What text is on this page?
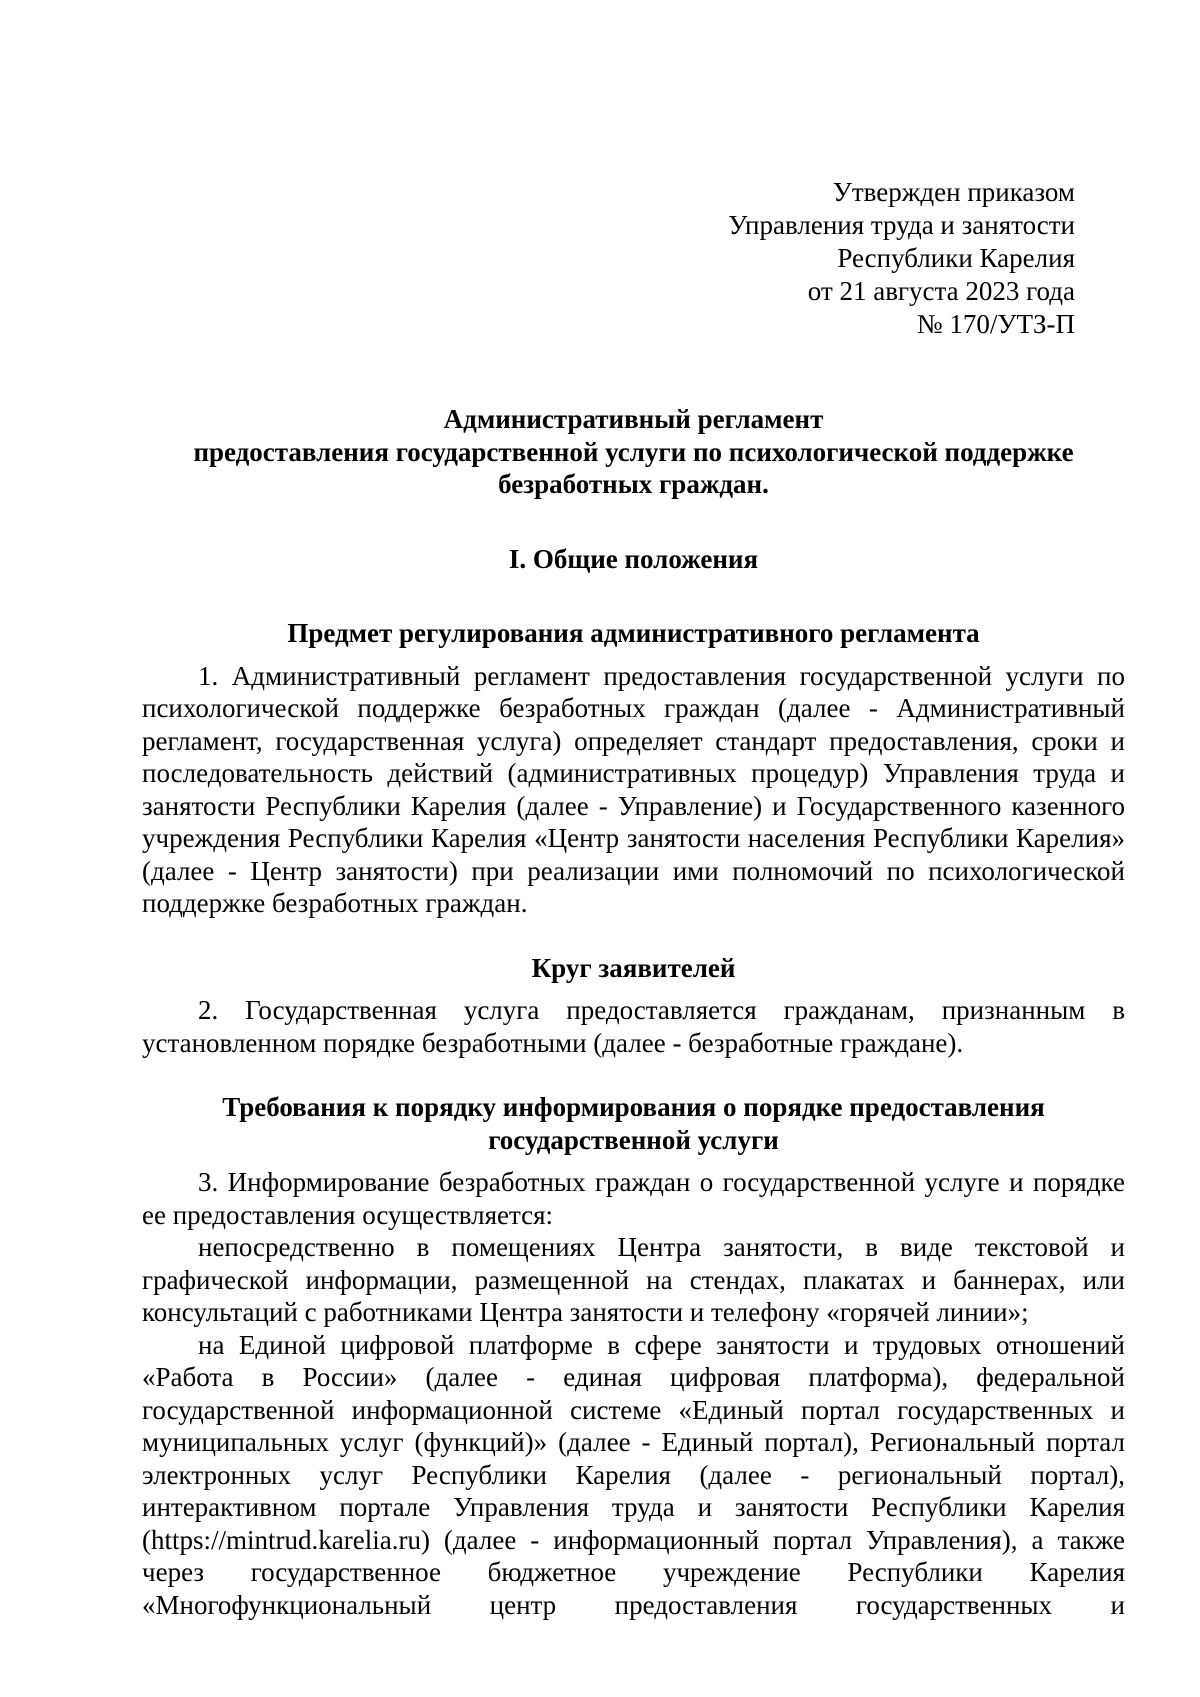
Утвержден приказом
Управления труда и занятости
Республики Карелия
от 21 августа 2023 года
№ 170/УТЗ-П
Административный регламент
предоставления государственной услуги по психологической поддержке
безработных граждан.
I. Общие положения
Предмет регулирования административного регламента

1. Административный регламент предоставления государственной услуги по психологической поддержке безработных граждан (далее - Административный регламент, государственная услуга) определяет стандарт предоставления, сроки и последовательность действий (административных процедур) Управления труда и занятости Республики Карелия (далее - Управление) и Государственного казенного учреждения Республики Карелия «Центр занятости населения Республики Карелия» (далее - Центр занятости) при реализации ими полномочий по психологической поддержке безработных граждан.

Круг заявителей

2. Государственная услуга предоставляется гражданам, признанным в установленном порядке безработными (далее - безработные граждане).

Требования к порядку информирования о порядке предоставления
государственной услуги

3. Информирование безработных граждан о государственной услуге и порядке ее предоставления осуществляется:

непосредственно в помещениях Центра занятости, в виде текстовой и графической информации, размещенной на стендах, плакатах и баннерах, или консультаций с работниками Центра занятости и телефону «горячей линии»;

на Единой цифровой платформе в сфере занятости и трудовых отношений «Работа в России» (далее - единая цифровая платформа), федеральной государственной информационной системе «Единый портал государственных и муниципальных услуг (функций)» (далее - Единый портал), Региональный портал электронных услуг Республики Карелия (далее - региональный портал), интерактивном портале Управления труда и занятости Республики Карелия (https://mintrud.karelia.ru) (далее - информационный портал Управления), а также через государственное бюджетное учреждение Республики Карелия «Многофункциональный центр предоставления государственных и
